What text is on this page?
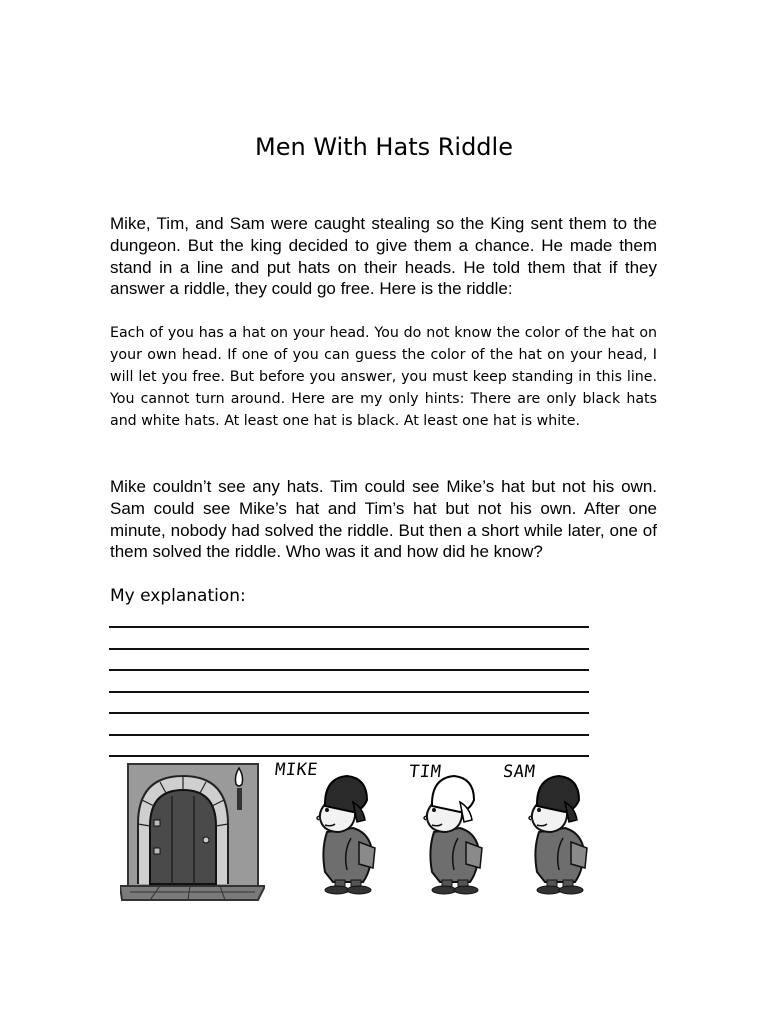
Men With Hats Riddle

Mike, Tim, and Sam were caught stealing so the King sent them to the dungeon. But the king decided to give them a chance. He made them stand in a line and put hats on their heads. He told them that if they answer a riddle, they could go free. Here is the riddle:

Each of you has a hat on your head. You do not know the color of the hat on your own head. If one of you can guess the color of the hat on your head, I will let you free. But before you answer, you must keep standing in this line. You cannot turn around. Here are my only hints: There are only black hats and white hats. At least one hat is black. At least one hat is white.

Mike couldn’t see any hats. Tim could see Mike’s hat but not his own. Sam could see Mike’s hat and Tim’s hat but not his own. After one minute, nobody had solved the riddle. But then a short while later, one of them solved the riddle. Who was it and how did he know?

My explanation:
MIKE	TIM	SAM
